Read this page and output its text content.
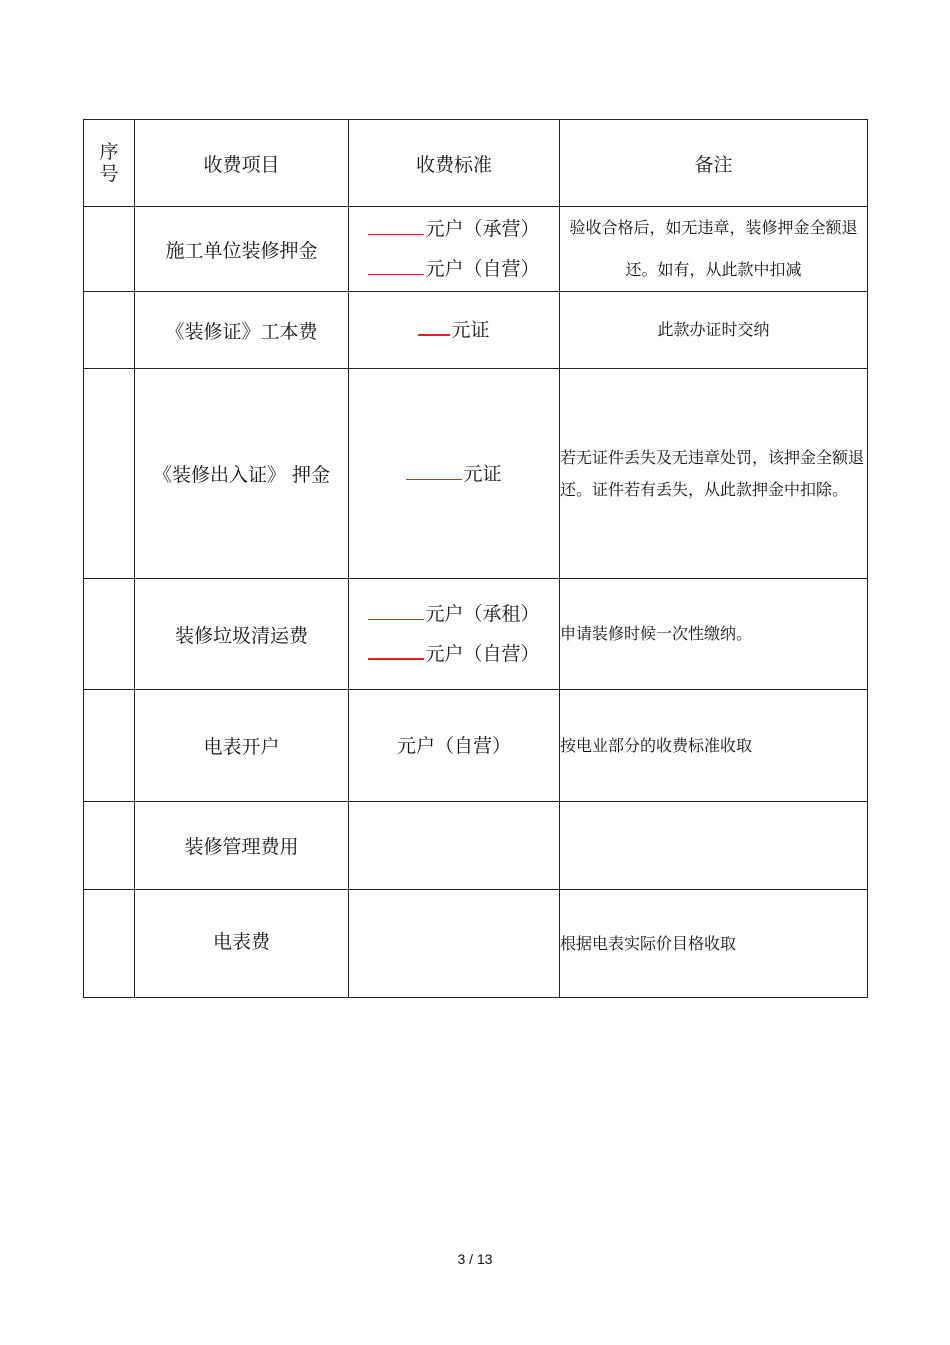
序号	收费项目	收费标准	备注
	施工单位装修押金	元户（承营）
元户（自营）	验收合格后，如无违章，装修押金全额退还。如有，从此款中扣减
	《装修证》工本费	元证	此款办证时交纳
	《装修出入证》 押金	元证	若无证件丢失及无违章处罚，该押金全额退还。证件若有丢失，从此款押金中扣除。
	装修垃圾清运费	元户（承租）
元户（自营）	申请装修时候一次性缴纳。
	电表开户	元户（自营）	按电业部分的收费标准收取
	装修管理费用		
	电表费		根据电表实际价目格收取
3 / 13
